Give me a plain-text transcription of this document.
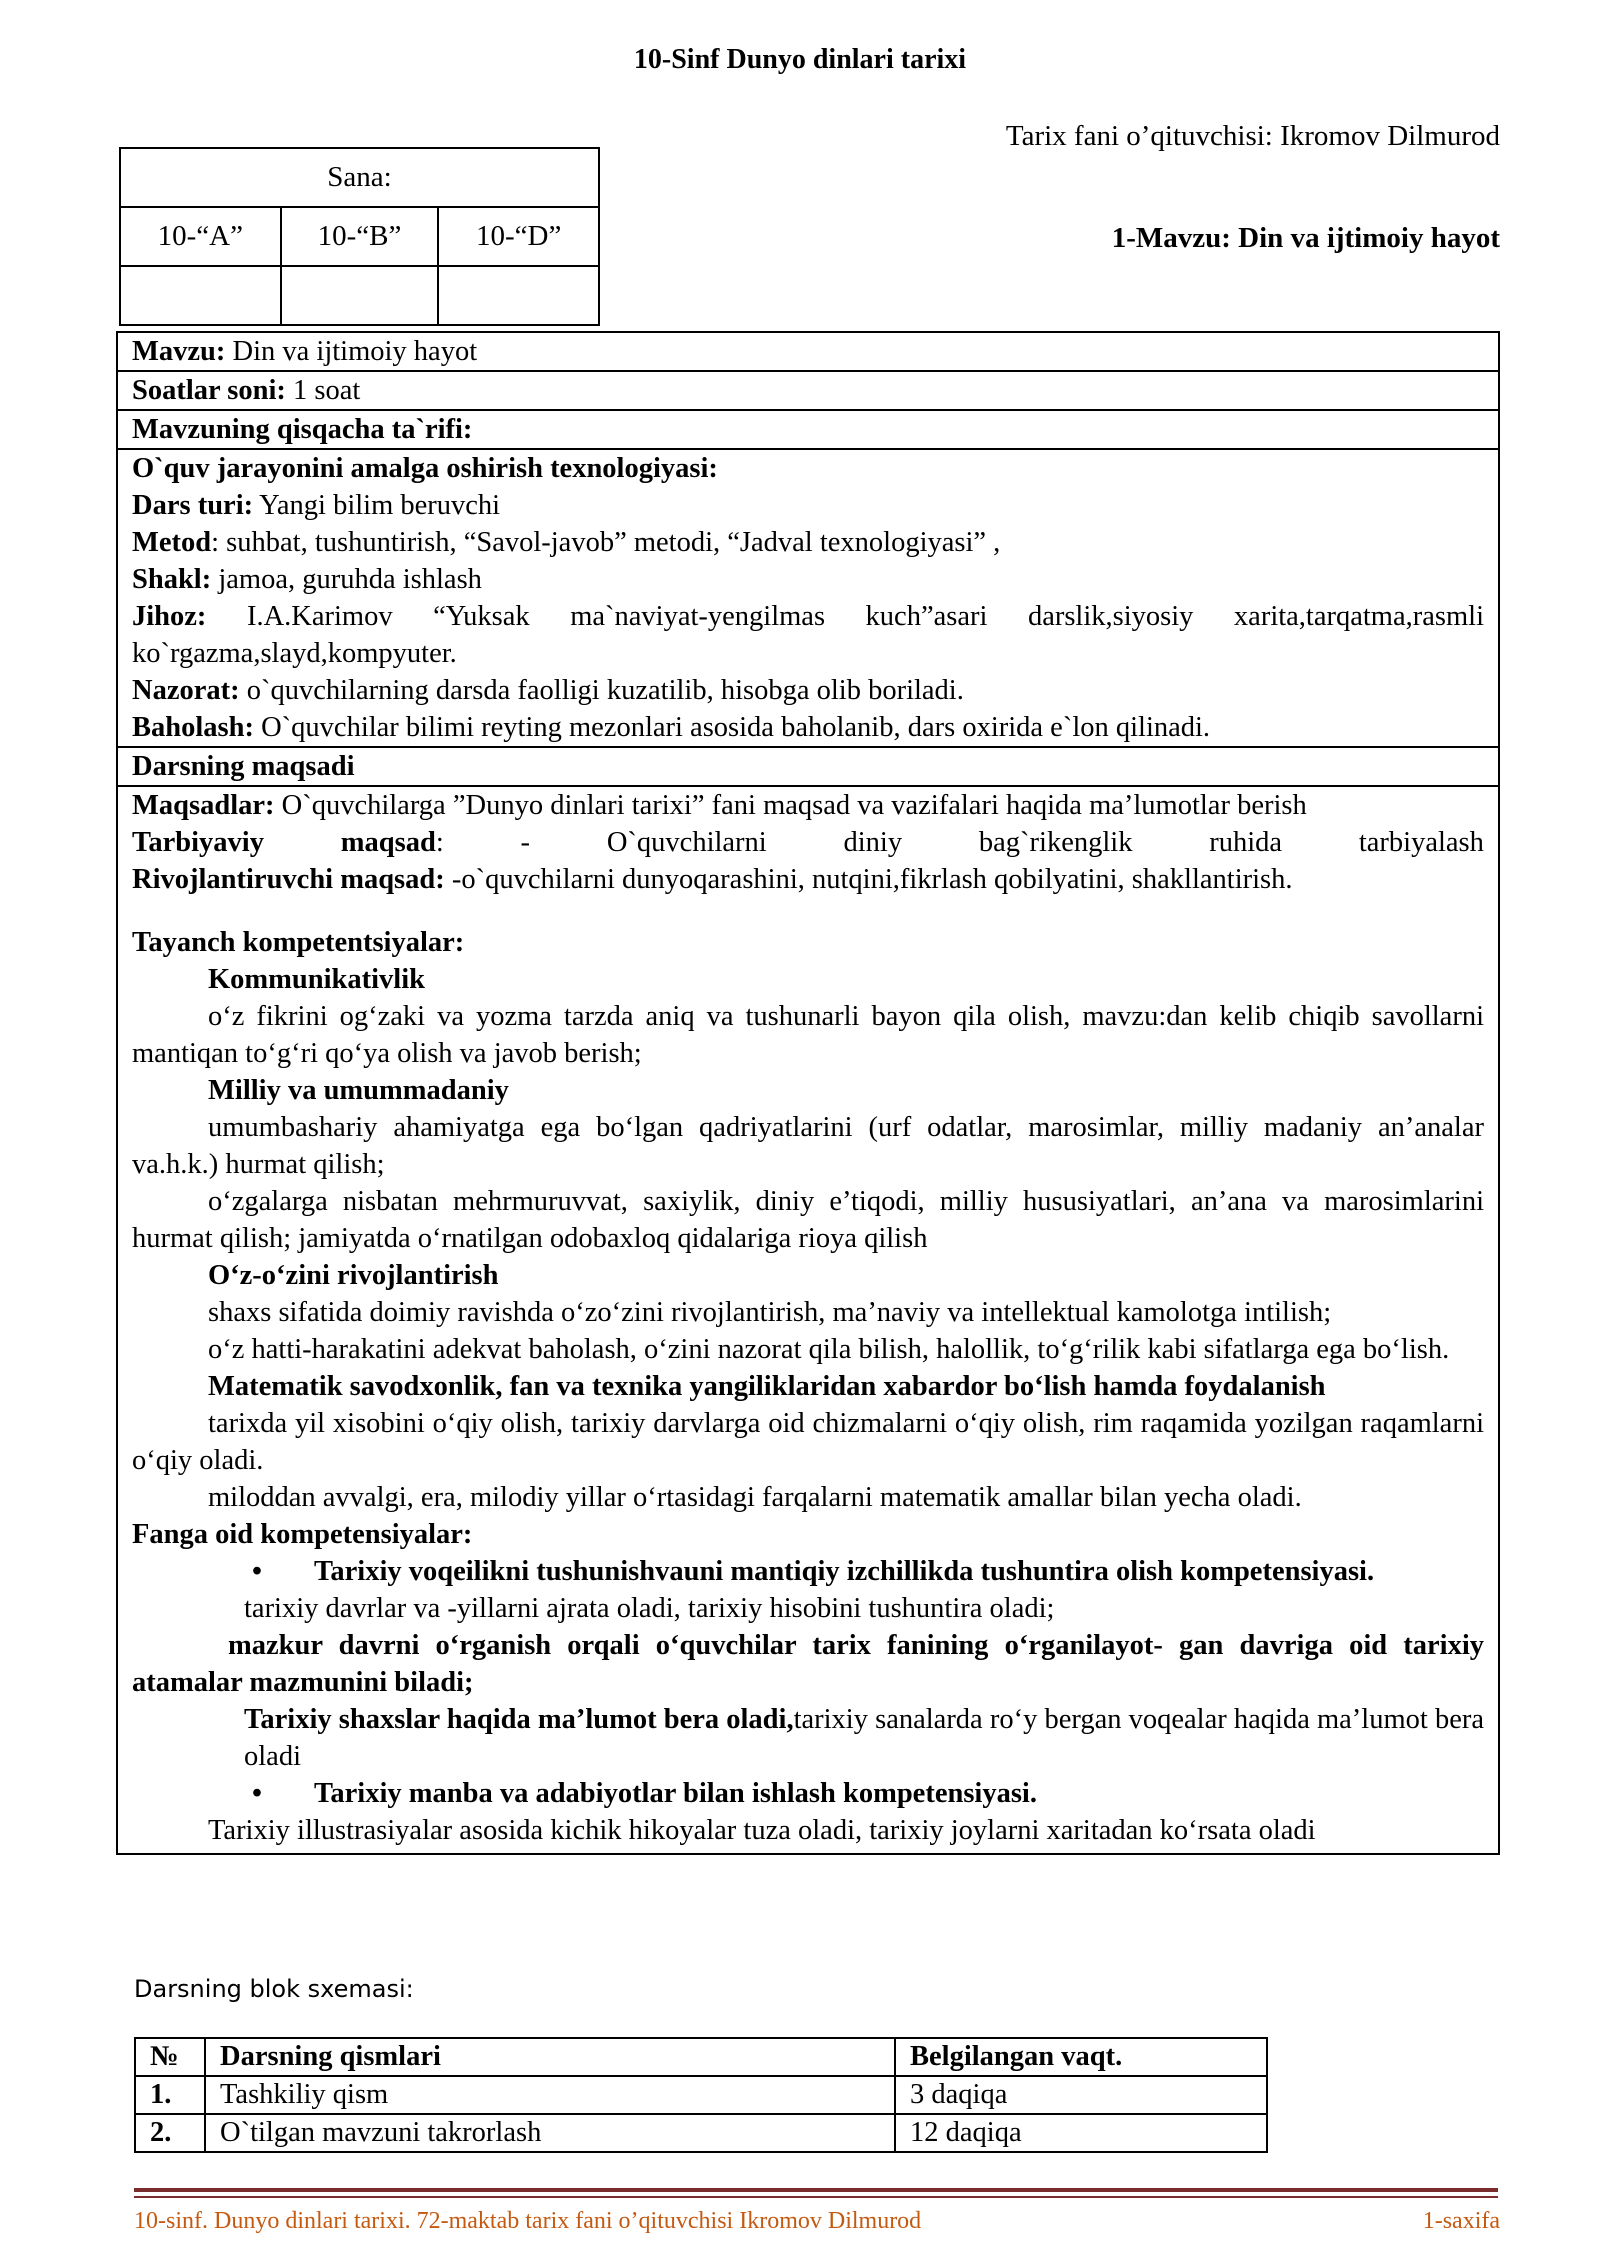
10-Sinf Dunyo dinlari tarixi
Tarix fani o’qituvchisi: Ikromov Dilmurod
1-Mavzu: Din va ijtimoiy hayot
Sana:		
10-“A”	10-“B”	10-“D”

Mavzu: Din va ijtimoiy hayot
Soatlar soni: 1 soat
Mavzuning qisqacha ta`rifi:

O`quv jarayonini amalga oshirish texnologiyasi:

Dars turi: Yangi bilim beruvchi

Metod: suhbat, tushuntirish, “Savol-javob” metodi, “Jadval texnologiyasi” ,

Shakl: jamoa, guruhda ishlash

Jihoz: I.A.Karimov “Yuksak ma`naviyat-yengilmas kuch”asari darslik,siyosiy xarita,tarqatma,rasmli ko`rgazma,slayd,kompyuter.

Nazorat: o`quvchilarning darsda faolligi kuzatilib, hisobga olib boriladi.

Baholash: O`quvchilar bilimi reyting mezonlari asosida baholanib, dars oxirida e`lon qilinadi.

Darsning maqsadi

Maqsadlar: O`quvchilarga ”Dunyo dinlari tarixi” fani maqsad va vazifalari haqida ma’lumotlar berish

Tarbiyaviy	maqsad:	-	O`quvchilarni	diniy	bag`rikenglik	ruhida	tarbiyalash

Rivojlantiruvchi maqsad: -o`quvchilarni dunyoqarashini, nutqini,fikrlash qobilyatini, shakllantirish.

Tayanch kompetentsiyalar:

Kommunikativlik

o‘z fikrini og‘zaki va yozma tarzda aniq va tushunarli bayon qila olish, mavzu:dan kelib chiqib savollarni mantiqan to‘g‘ri qo‘ya olish va javob berish;

Milliy va umummadaniy

umumbashariy ahamiyatga ega bo‘lgan qadriyatlarini (urf odatlar, marosimlar, milliy madaniy an’analar va.h.k.) hurmat qilish;

o‘zgalarga nisbatan mehrmuruvvat, saxiylik, diniy e’tiqodi, milliy hususiyatlari, an’ana va marosimlarini hurmat qilish; jamiyatda o‘rnatilgan odobaxloq qidalariga rioya qilish

O‘z-o‘zini rivojlantirish

shaxs sifatida doimiy ravishda o‘zo‘zini rivojlantirish, ma’naviy va intellektual kamolotga intilish;

o‘z hatti-harakatini adekvat baholash, o‘zini nazorat qila bilish, halollik, to‘g‘rilik kabi sifatlarga ega bo‘lish.

Matematik savodxonlik, fan va texnika yangiliklaridan xabardor bo‘lish hamda foydalanish

tarixda yil xisobini o‘qiy olish, tarixiy darvlarga oid chizmalarni o‘qiy olish, rim raqamida yozilgan raqamlarni o‘qiy oladi.

miloddan avvalgi, era, milodiy yillar o‘rtasidagi farqalarni matematik amallar bilan yecha oladi.

Fanga oid kompetensiyalar:

•	Tarixiy voqeilikni tushunishvauni mantiqiy izchillikda tushuntira olish kompetensiyasi.

tarixiy davrlar va -yillarni ajrata oladi, tarixiy hisobini tushuntira oladi;

mazkur davrni o‘rganish orqali o‘quvchilar tarix fanining o‘rganilayot- gan davriga oid tarixiy atamalar mazmunini biladi;

Tarixiy shaxslar haqida ma’lumot bera oladi,tarixiy sanalarda ro‘y bergan voqealar haqida ma’lumot bera oladi

•	Tarixiy manba va adabiyotlar bilan ishlash kompetensiyasi.

Tarixiy illustrasiyalar asosida kichik hikoyalar tuza oladi, tarixiy joylarni xaritadan ko‘rsata oladi

Darsning blok sxemasi:
№	Darsning qismlari	Belgilangan vaqt.
1.	Tashkiliy qism	3 daqiqa
2.	O`tilgan mavzuni takrorlash	12 daqiqa
10-sinf. Dunyo dinlari tarixi. 72-maktab tarix fani o’qituvchisi Ikromov Dilmurod	1-saxifa
